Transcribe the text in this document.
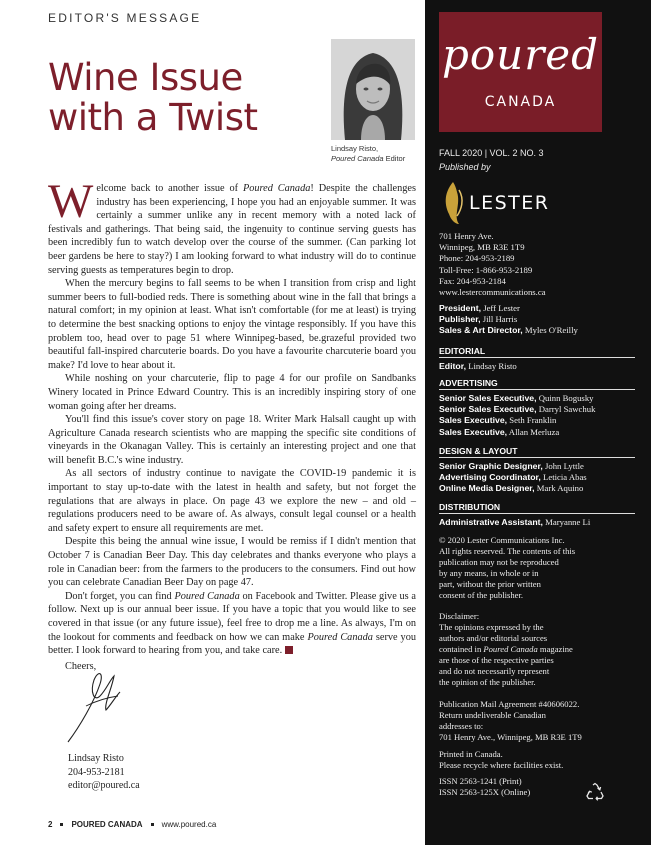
EDITOR'S MESSAGE
Wine Issue with a Twist
Lindsay Risto,
Poured Canada Editor

Welcome back to another issue of Poured Canada! Despite the challenges industry has been experiencing, I hope you had an enjoyable summer. It was certainly a summer unlike any in recent memory with a noted lack of festivals and gatherings. That being said, the ingenuity to continue serving guests has been incredibly fun to watch develop over the course of the summer. (Can parking lot beer gardens be here to stay?) I am looking forward to what industry will do to continue serving guests as temperatures begin to drop.

When the mercury begins to fall seems to be when I transition from crisp and light summer beers to full-bodied reds. There is something about wine in the fall that brings a natural comfort; in my opinion at least. What isn't comfortable (for me at least) is trying to determine the best snacking options to enjoy the vintage responsibly. If you have this problem too, head over to page 51 where Winnipeg-based, be.grazeful provided two beautiful fall-inspired charcuterie boards. Do you have a favourite charcuterie board you make? I'd love to hear about it.

While noshing on your charcuterie, flip to page 4 for our profile on Sandbanks Winery located in Prince Edward Country. This is an incredibly inspiring story of one woman going after her dreams.

You'll find this issue's cover story on page 18. Writer Mark Halsall caught up with Agriculture Canada research scientists who are mapping the specific site conditions of vineyards in the Okanagan Valley. This is certainly an interesting project and one that will benefit B.C.'s wine industry.

As all sectors of industry continue to navigate the COVID-19 pandemic it is important to stay up-to-date with the latest in health and safety, but not forget the regulations that are always in place. On page 43 we explore the new – and old – regulations producers need to be aware of. As always, consult legal counsel or a health and safety expert to ensure all requirements are met.

Despite this being the annual wine issue, I would be remiss if I didn't mention that October 7 is Canadian Beer Day. This day celebrates and thanks everyone who plays a role in Canadian beer: from the farmers to the producers to the consumers. Find out how you can celebrate Canadian Beer Day on page 47.

Don't forget, you can find Poured Canada on Facebook and Twitter. Please give us a follow. Next up is our annual beer issue. If you have a topic that you would like to see covered in that issue (or any future issue), feel free to drop me a line. As always, I'm on the lookout for comments and feedback on how we can make Poured Canada serve you better. I look forward to hearing from you, and take care.

Cheers,

Lindsay Risto
204-953-2181
editor@poured.ca
2 POURED CANADA www.poured.ca
poured
CANADA
FALL 2020 | VOL. 2 NO. 3
Published by
LESTER
701 Henry Ave.
Winnipeg, MB R3E 1T9
Phone: 204-953-2189
Toll-Free: 1-866-953-2189
Fax: 204-953-2184
www.lestercommunications.ca
President, Jeff Lester
Publisher, Jill Harris
Sales & Art Director, Myles O'Reilly
EDITORIAL
Editor, Lindsay Risto
ADVERTISING
Senior Sales Executive, Quinn Bogusky
Senior Sales Executive, Darryl Sawchuk
Sales Executive, Seth Franklin
Sales Executive, Allan Merluza
DESIGN & LAYOUT
Senior Graphic Designer, John Lyttle
Advertising Coordinator, Leticia Abas
Online Media Designer, Mark Aquino
DISTRIBUTION
Administrative Assistant, Maryanne Li
© 2020 Lester Communications Inc.
All rights reserved. The contents of this
publication may not be reproduced
by any means, in whole or in
part, without the prior written
consent of the publisher.
Disclaimer:
The opinions expressed by the
authors and/or editorial sources
contained in Poured Canada magazine
are those of the respective parties
and do not necessarily represent
the opinion of the publisher.
Publication Mail Agreement #40606022.
Return undeliverable Canadian
addresses to:
701 Henry Ave., Winnipeg, MB R3E 1T9
Printed in Canada.
Please recycle where facilities exist.
ISSN 2563-1241 (Print)
ISSN 2563-125X (Online)
